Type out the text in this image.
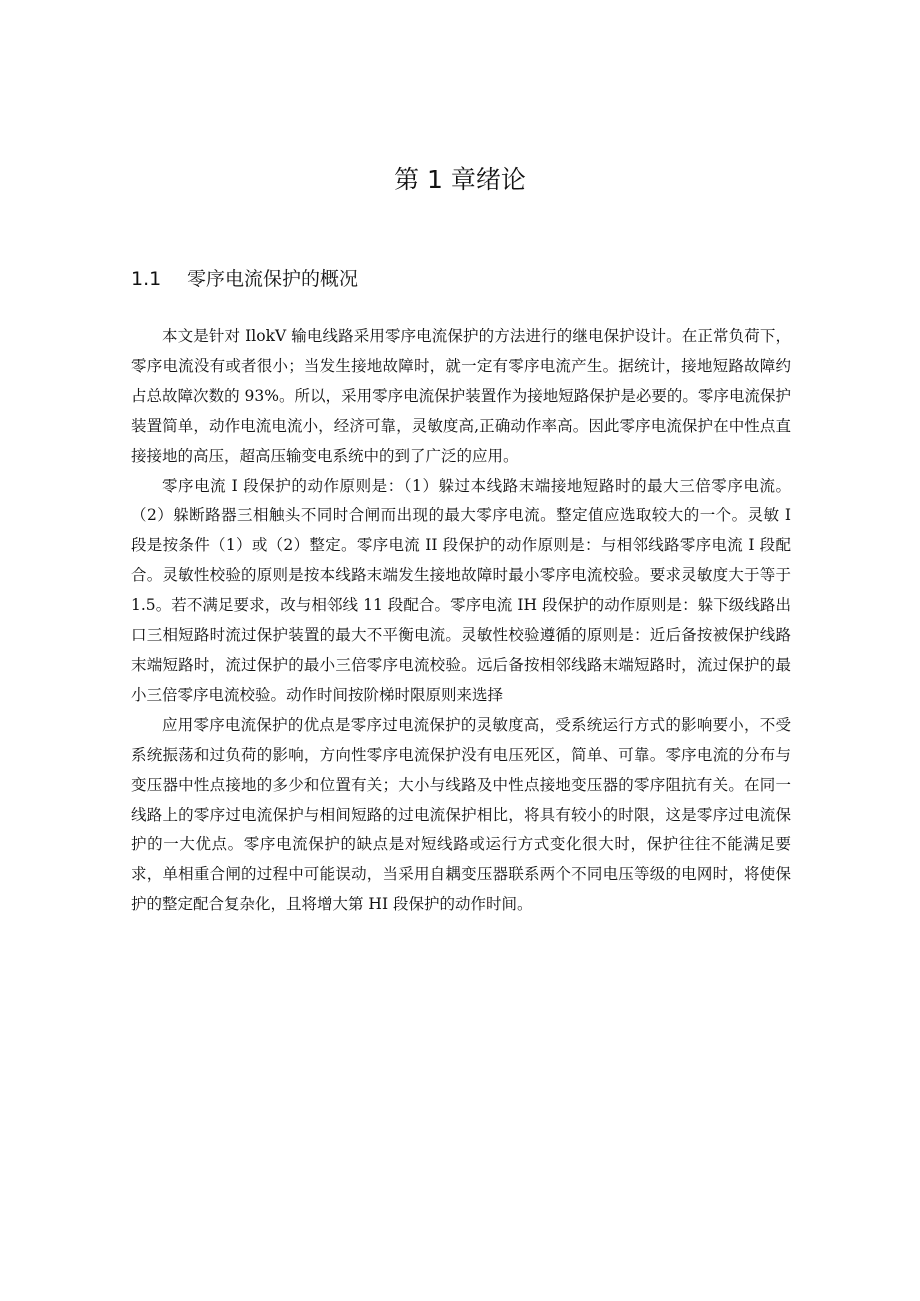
第 1 章绪论
1.1 零序电流保护的概况

本文是针对 IlokV 输电线路采用零序电流保护的方法进行的继电保护设计。在正常负荷下，零序电流没有或者很小；当发生接地故障时，就一定有零序电流产生。据统计，接地短路故障约占总故障次数的 93%。所以，采用零序电流保护装置作为接地短路保护是必要的。零序电流保护装置简单，动作电流电流小，经济可靠，灵敏度高,正确动作率高。因此零序电流保护在中性点直接接地的高压，超高压输变电系统中的到了广泛的应用。

零序电流 I 段保护的动作原则是：（1）躲过本线路末端接地短路时的最大三倍零序电流。（2）躲断路器三相触头不同时合闸而出现的最大零序电流。整定值应选取较大的一个。灵敏 I 段是按条件（1）或（2）整定。零序电流 II 段保护的动作原则是：与相邻线路零序电流 I 段配合。灵敏性校验的原则是按本线路末端发生接地故障时最小零序电流校验。要求灵敏度大于等于 1.5。若不满足要求，改与相邻线 11 段配合。零序电流 IH 段保护的动作原则是：躲下级线路出口三相短路时流过保护装置的最大不平衡电流。灵敏性校验遵循的原则是：近后备按被保护线路末端短路时，流过保护的最小三倍零序电流校验。远后备按相邻线路末端短路时，流过保护的最小三倍零序电流校验。动作时间按阶梯时限原则来选择

应用零序电流保护的优点是零序过电流保护的灵敏度高，受系统运行方式的影响要小，不受系统振荡和过负荷的影响，方向性零序电流保护没有电压死区，简单、可靠。零序电流的分布与变压器中性点接地的多少和位置有关；大小与线路及中性点接地变压器的零序阻抗有关。在同一线路上的零序过电流保护与相间短路的过电流保护相比，将具有较小的时限，这是零序过电流保护的一大优点。零序电流保护的缺点是对短线路或运行方式变化很大时，保护往往不能满足要求，单相重合闸的过程中可能误动，当采用自耦变压器联系两个不同电压等级的电网时，将使保护的整定配合复杂化，且将增大第 HI 段保护的动作时间。
